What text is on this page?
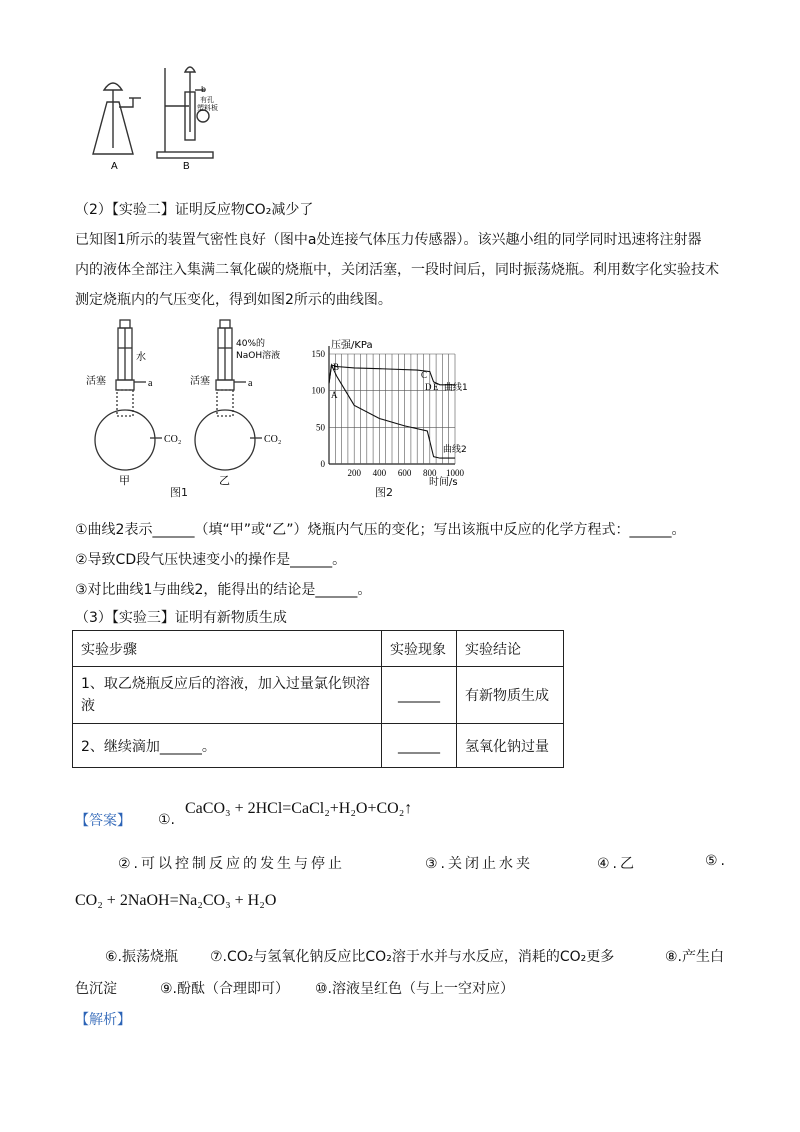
A	B
b
有孔
塑料板
（2）【实验二】证明反应物CO₂减少了
已知图1所示的装置气密性良好（图中a处连接气体压力传感器）。该兴趣小组的同学同时迅速将注射器
内的液体全部注入集满二氧化碳的烧瓶中，关闭活塞，一段时间后，同时振荡烧瓶。利用数字化实验技术
测定烧瓶内的气压变化，得到如图2所示的曲线图。
水
活塞	a
CO₂
甲
40%的
NaOH溶液
活塞	a
CO₂
乙
图1
150
100
50
0
200 400 600 800 1000
压强/KPa
时间/s
B
A
C
D E 曲线1
曲线2
图2
①曲线2表示______（填“甲”或“乙”）烧瓶内气压的变化；写出该瓶中反应的化学方程式：______。
②导致CD段气压快速变小的操作是______。
③对比曲线1与曲线2，能得出的结论是______。
（3）【实验三】证明有新物质生成
实验步骤	实验现象	实验结论
1、取乙烧瓶反应后的溶液，加入过量氯化钡溶液	______	有新物质生成
2、继续滴加______。	______	氢氧化钠过量
【答案】 ①.
CaCO₃ + 2HCl=CaCl₂+H₂O+CO₂↑
②.可以控制反应的发生与停止	③.关闭止水夹	④.乙	⑤.
CO₂ + 2NaOH=Na₂CO₃ + H₂O
⑥.振荡烧瓶 ⑦.CO₂与氢氧化钠反应比CO₂溶于水并与水反应，消耗的CO₂更多	⑧.产生白
色沉淀	⑨.酚酞（合理即可） ⑩.溶液呈红色（与上一空对应）
【解析】
